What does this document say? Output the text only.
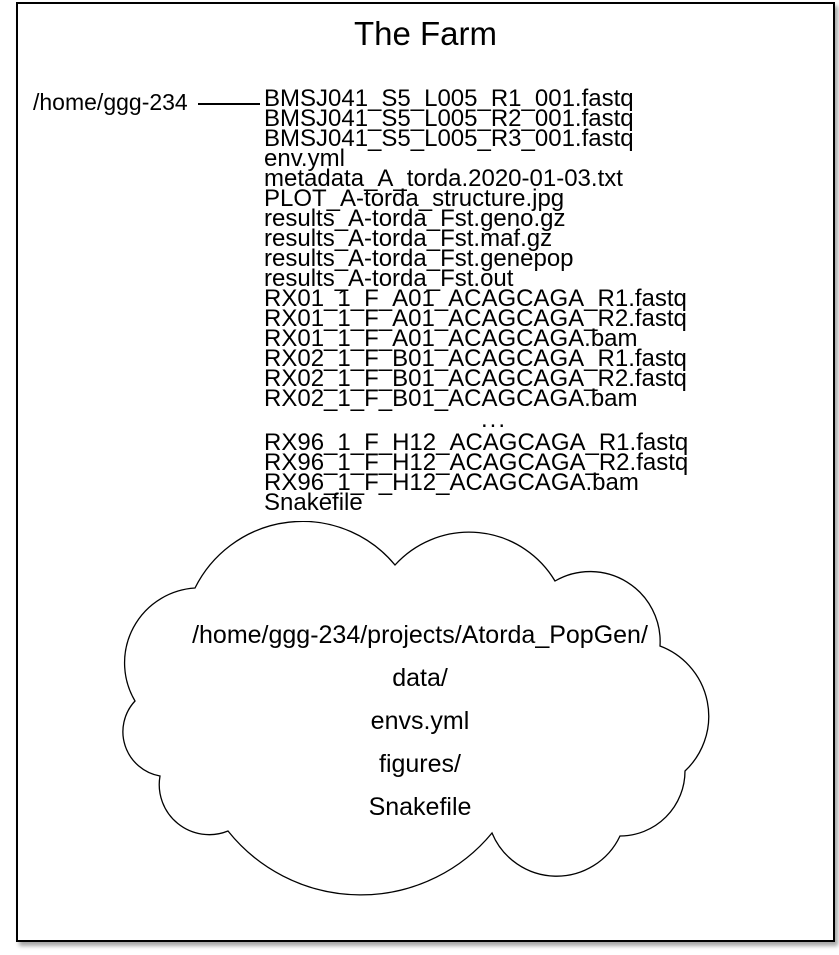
The Farm
/home/ggg-234	BMSJ041_S5_L005_R1_001.fastq
BMSJ041_S5_L005_R2_001.fastq
BMSJ041_S5_L005_R3_001.fastq
env.yml
metadata_A_torda.2020-01-03.txt
PLOT_A-torda_structure.jpg
results_A-torda_Fst.geno.gz
results_A-torda_Fst.maf.gz
results_A-torda_Fst.genepop
results_A-torda_Fst.out
RX01_1_F_A01_ACAGCAGA_R1.fastq
RX01_1_F_A01_ACAGCAGA_R2.fastq
RX01_1_F_A01_ACAGCAGA.bam
RX02_1_F_B01_ACAGCAGA_R1.fastq
RX02_1_F_B01_ACAGCAGA_R2.fastq
RX02_1_F_B01_ACAGCAGA.bam
...
RX96_1_F_H12_ACAGCAGA_R1.fastq
RX96_1_F_H12_ACAGCAGA_R2.fastq
RX96_1_F_H12_ACAGCAGA.bam
Snakefile
/home/ggg-234/projects/Atorda_PopGen/
data/
envs.yml
figures/
Snakefile
